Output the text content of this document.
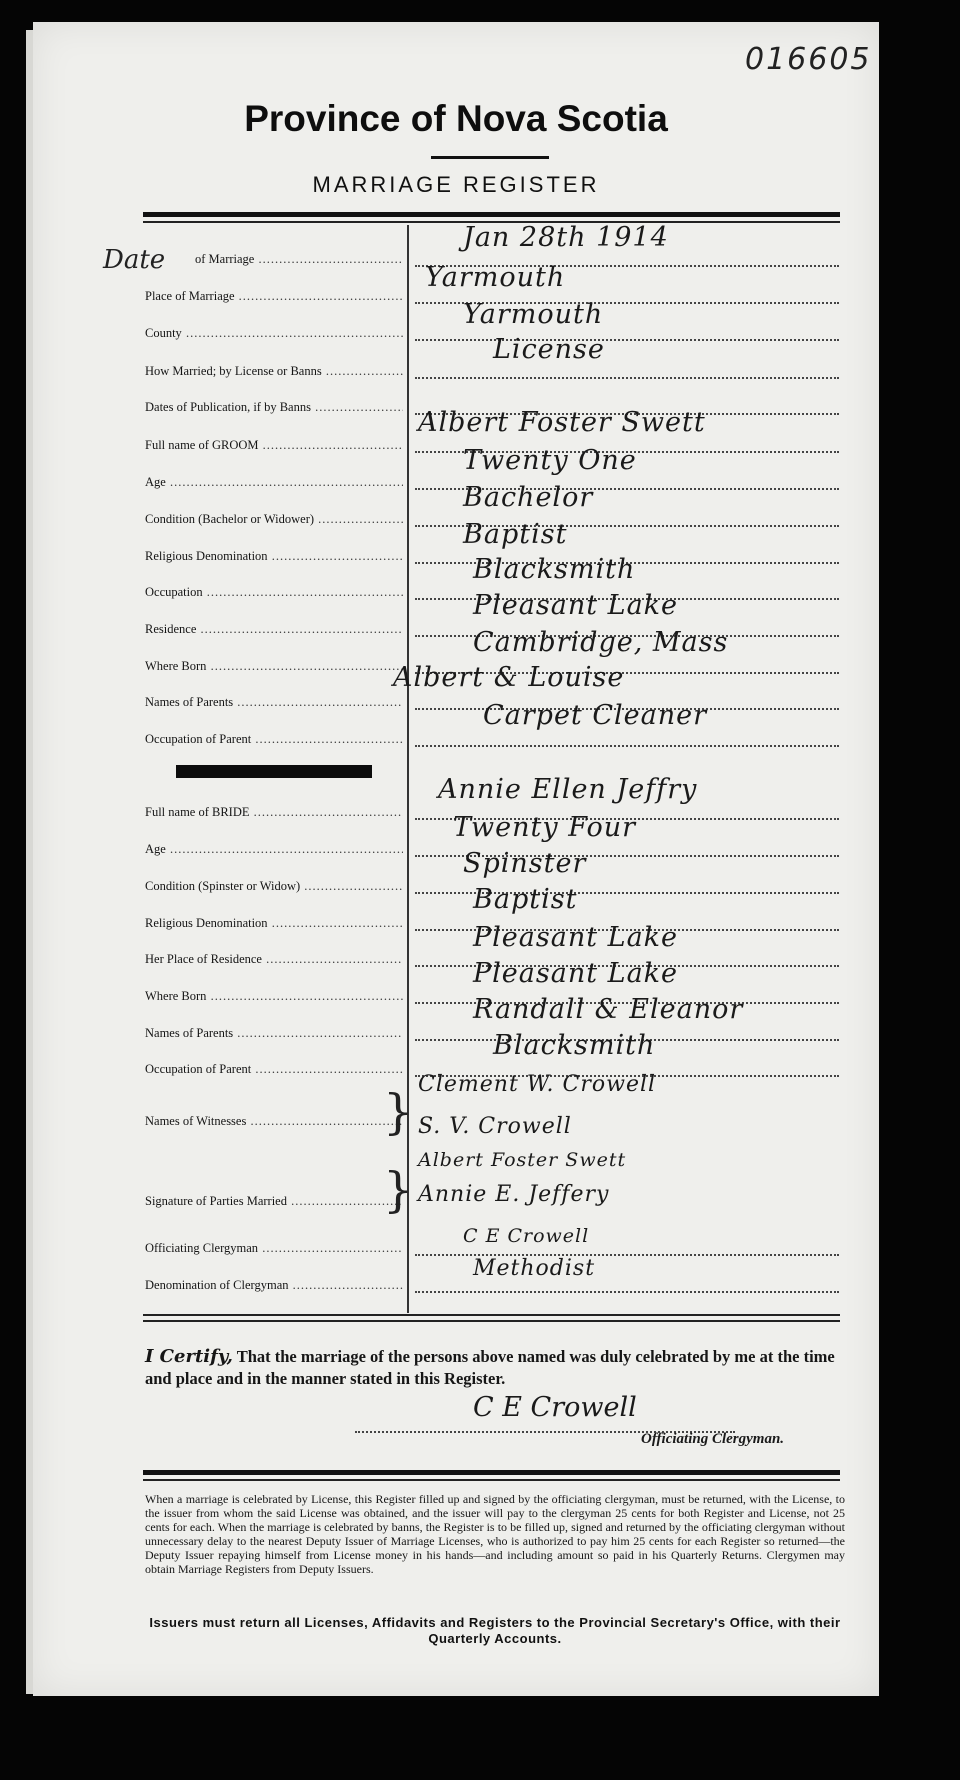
016605
Province of Nova Scotia
MARRIAGE REGISTER
Date of Marriage .....
Jan 28th 1914
Place of Marriage .....
Yarmouth
County .....
Yarmouth
How Married; by License or Banns .....
License
Dates of Publication, if by Banns .....
Full name of GROOM .....
Albert Foster Swett
Age .....
Twenty One
Condition (Bachelor or Widower) .....
Bachelor
Religious Denomination .....
Baptist
Occupation .....
Blacksmith
Residence .....
Pleasant Lake
Where Born .....
Cambridge, Mass
Names of Parents .....
Albert & Louise
Occupation of Parent .....
Carpet Cleaner
Full name of BRIDE .....
Annie Ellen Jeffry
Age .....
Twenty Four
Condition (Spinster or Widow) .....
Spinster
Religious Denomination .....
Baptist
Her Place of Residence .....
Pleasant Lake
Where Born .....
Pleasant Lake
Names of Parents .....
Randall & Eleanor
Occupation of Parent .....
Blacksmith
Names of Witnesses .....	} Clement W. Crowell
S. V. Crowell
Signature of Parties Married .....	}
Albert Foster Swett
Annie E. Jeffery
Officiating Clergyman .....
C E Crowell
Denomination of Clergyman .....
Methodist
I Certify, That the marriage of the persons above named was duly celebrated by me at the time and place and in the manner stated in this Register.
C E Crowell
Officiating Clergyman.
When a marriage is celebrated by License, this Register filled up and signed by the officiating clergyman, must be returned, with the License, to the issuer from whom the said License was obtained, and the issuer will pay to the clergyman 25 cents for both Register and License, not 25 cents for each. When the marriage is celebrated by banns, the Register is to be filled up, signed and returned by the officiating clergyman without unnecessary delay to the nearest Deputy Issuer of Marriage Licenses, who is authorized to pay him 25 cents for each Register so returned—the Deputy Issuer repaying himself from License money in his hands—and including amount so paid in his Quarterly Returns. Clergymen may obtain Marriage Registers from Deputy Issuers.
Issuers must return all Licenses, Affidavits and Registers to the Provincial Secretary's Office, with their Quarterly Accounts.
